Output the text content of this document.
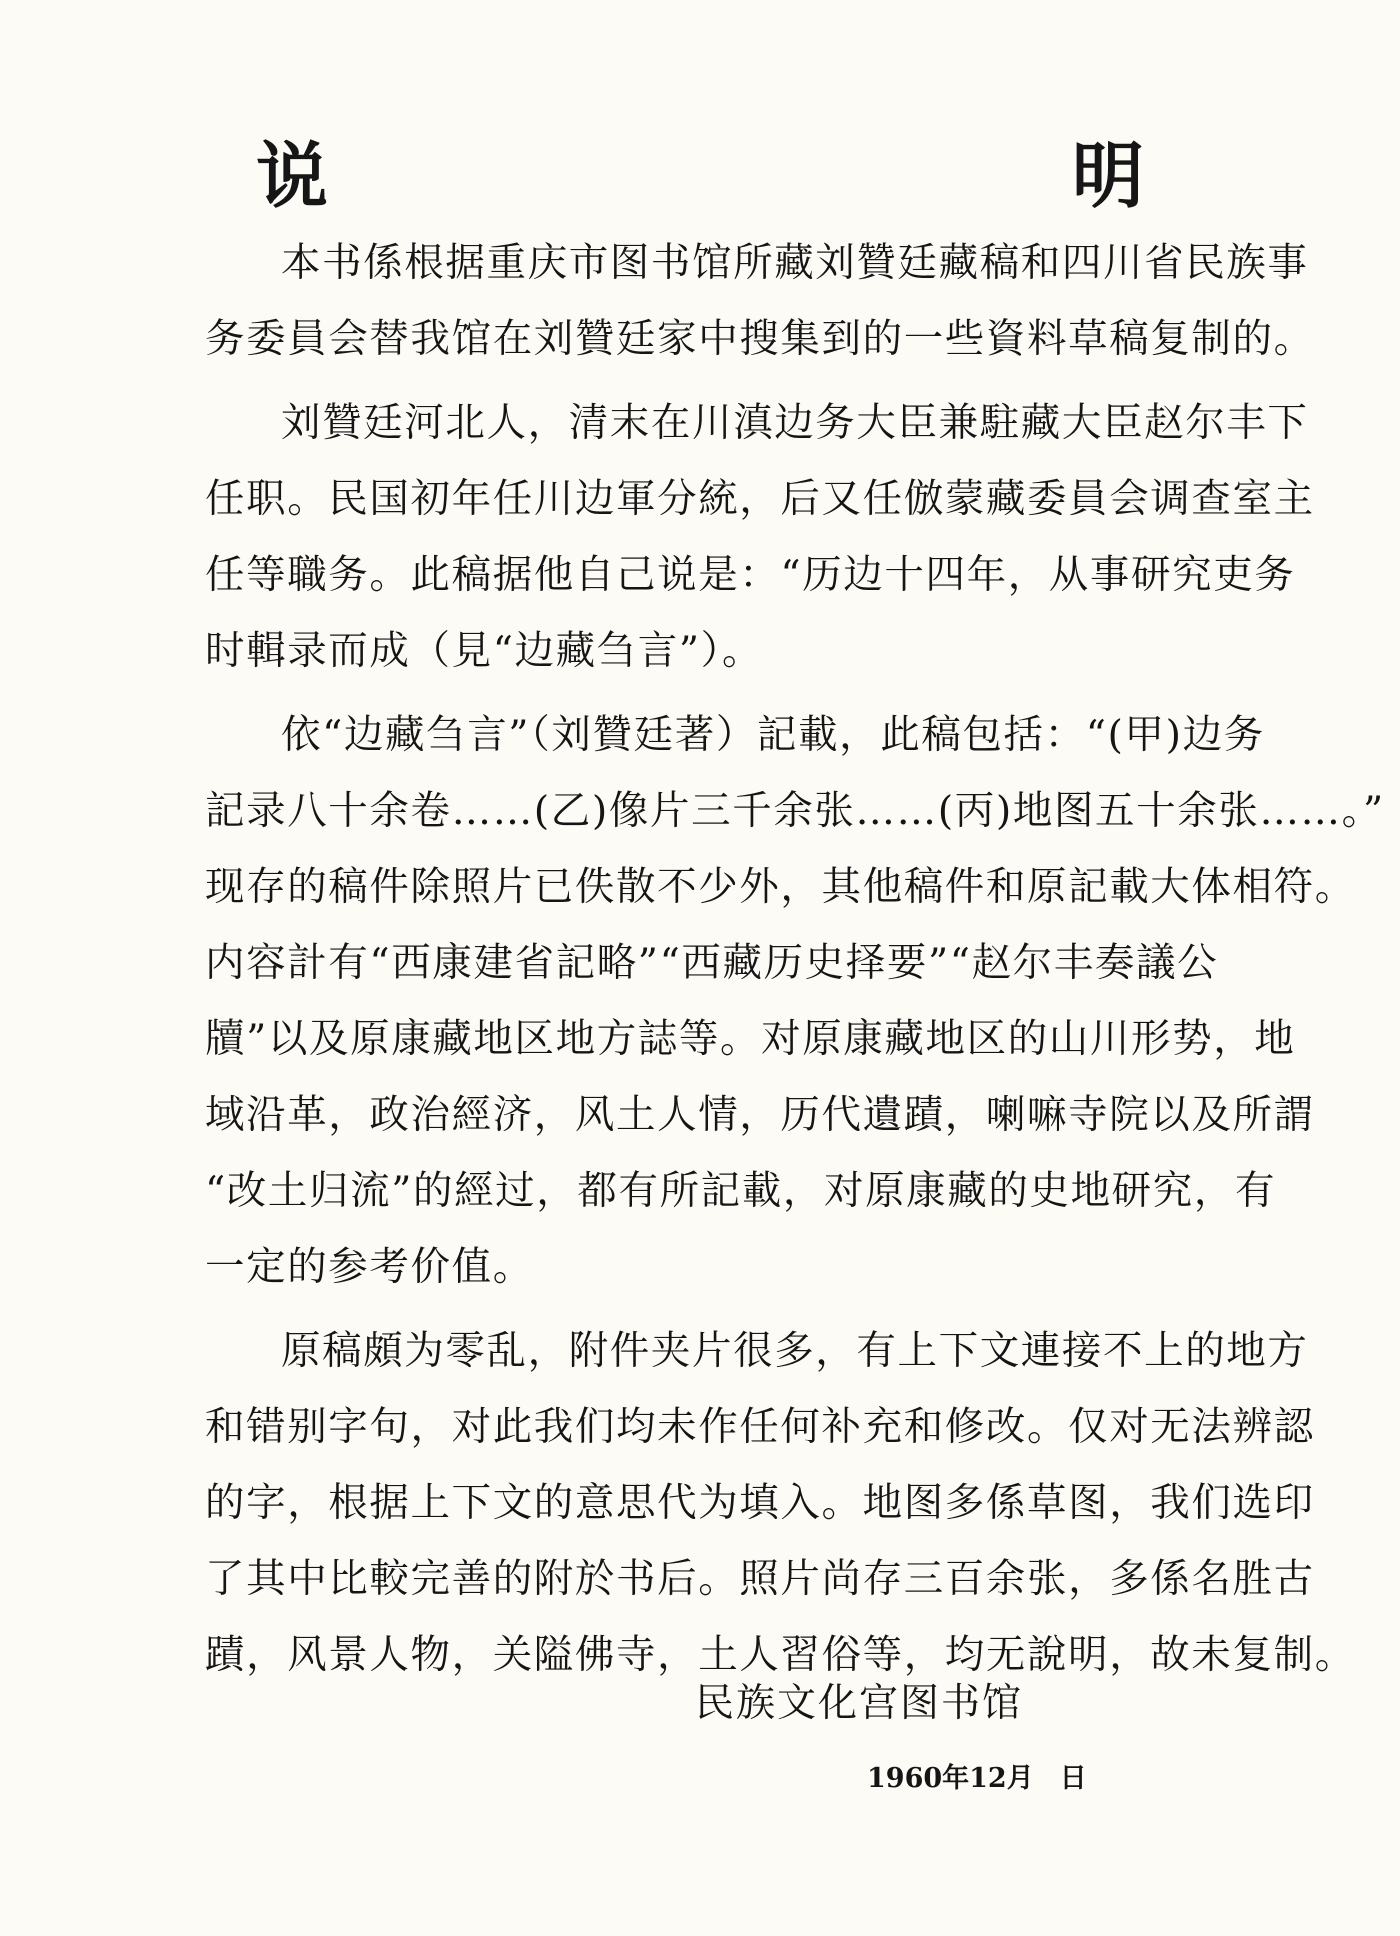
说　　明
本书係根据重庆市图书馆所藏刘贊廷藏稿和四川省民族事
务委員会替我馆在刘贊廷家中搜集到的一些資料草稿复制的。
刘贊廷河北人，清末在川滇边务大臣兼駐藏大臣赵尔丰下
任职。民国初年任川边軍分統，后又任倣蒙藏委員会调查室主
任等職务。此稿据他自己说是：“历边十四年，从事研究吏务
时輯录而成（見“边藏刍言”）。
依“边藏刍言”（刘贊廷著）記載，此稿包括：“(甲)边务
記录八十余卷……(乙)像片三千余张……(丙)地图五十余张……。”
现存的稿件除照片已佚散不少外，其他稿件和原記載大体相符。
内容計有“西康建省記略”“西藏历史择要”“赵尔丰奏議公
牘”以及原康藏地区地方誌等。对原康藏地区的山川形势，地
域沿革，政治經济，风土人情，历代遺蹟，喇嘛寺院以及所謂
“改土归流”的經过，都有所記載，对原康藏的史地研究，有
一定的参考价值。
原稿頗为零乱，附件夹片很多，有上下文連接不上的地方
和错别字句，对此我们均未作任何补充和修改。仅对无法辨認
的字，根据上下文的意思代为填入。地图多係草图，我们选印
了其中比較完善的附於书后。照片尚存三百余张，多係名胜古
蹟，风景人物，关隘佛寺，土人習俗等，均无說明，故未复制。
民族文化宫图书馆
1960年12月 日
